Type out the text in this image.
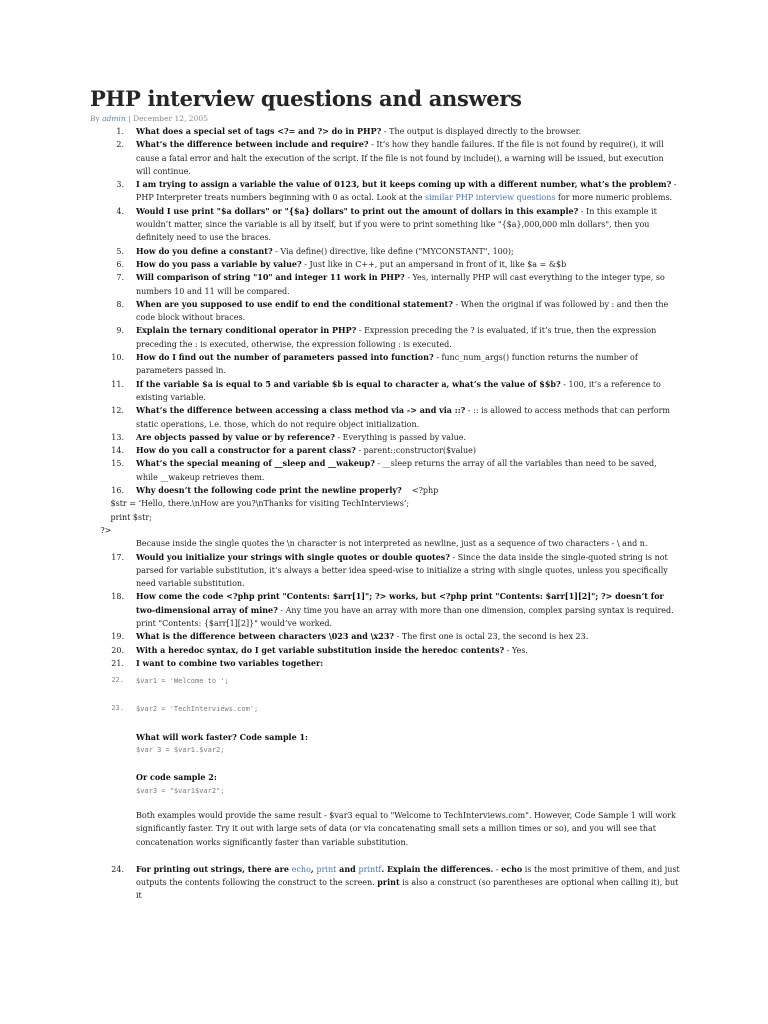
PHP interview questions and answers
By admin | December 12, 2005
1. What does a special set of tags <?= and ?> do in PHP? - The output is displayed directly to the browser.
2. What’s the difference between include and require? - It’s how they handle failures. If the file is not found by require(), it will cause a fatal error and halt the execution of the script. If the file is not found by include(), a warning will be issued, but execution will continue.
3. I am trying to assign a variable the value of 0123, but it keeps coming up with a different number, what’s the problem? - PHP Interpreter treats numbers beginning with 0 as octal. Look at the similar PHP interview questions for more numeric problems.
4. Would I use print "$a dollars" or "{$a} dollars" to print out the amount of dollars in this example? - In this example it wouldn’t matter, since the variable is all by itself, but if you were to print something like "{$a},000,000 mln dollars", then you definitely need to use the braces.
5. How do you define a constant? - Via define() directive, like define ("MYCONSTANT", 100);
6. How do you pass a variable by value? - Just like in C++, put an ampersand in front of it, like $a = &$b
7. Will comparison of string "10" and integer 11 work in PHP? - Yes, internally PHP will cast everything to the integer type, so numbers 10 and 11 will be compared.
8. When are you supposed to use endif to end the conditional statement? - When the original if was followed by : and then the code block without braces.
9. Explain the ternary conditional operator in PHP? - Expression preceding the ? is evaluated, if it’s true, then the expression preceding the : is executed, otherwise, the expression following : is executed.
10. How do I find out the number of parameters passed into function? - func_num_args() function returns the number of parameters passed in.
11. If the variable $a is equal to 5 and variable $b is equal to character a, what’s the value of $$b? - 100, it’s a reference to existing variable.
12. What’s the difference between accessing a class method via -> and via ::? - :: is allowed to access methods that can perform static operations, i.e. those, which do not require object initialization.
13. Are objects passed by value or by reference? - Everything is passed by value.
14. How do you call a constructor for a parent class? - parent::constructor($value)
15. What’s the special meaning of __sleep and __wakeup? - __sleep returns the array of all the variables than need to be saved, while __wakeup retrieves them.
16. Why doesn’t the following code print the newline properly?    <?php
$str = ‘Hello, there.\nHow are you?\nThanks for visiting TechInterviews’;
print $str;
?>
Because inside the single quotes the \n character is not interpreted as newline, just as a sequence of two characters - \ and n.
17. Would you initialize your strings with single quotes or double quotes? - Since the data inside the single-quoted string is not parsed for variable substitution, it’s always a better idea speed-wise to initialize a string with single quotes, unless you specifically need variable substitution.
18. How come the code <?php print "Contents: $arr[1]"; ?> works, but <?php print "Contents: $arr[1][2]"; ?> doesn’t for two-dimensional array of mine? - Any time you have an array with more than one dimension, complex parsing syntax is required. print "Contents: {$arr[1][2]}" would’ve worked.
19. What is the difference between characters \023 and \x23? - The first one is octal 23, the second is hex 23.
20. With a heredoc syntax, do I get variable substitution inside the heredoc contents? - Yes.
21. I want to combine two variables together:
22. $var1 = 'Welcome to ';
23. $var2 = 'TechInterviews.com';
What will work faster? Code sample 1:
$var 3 = $var1.$var2;
Or code sample 2:
$var3 = "$var1$var2";
Both examples would provide the same result - $var3 equal to "Welcome to TechInterviews.com". However, Code Sample 1 will work significantly faster. Try it out with large sets of data (or via concatenating small sets a million times or so), and you will see that concatenation works significantly faster than variable substitution.
24. For printing out strings, there are echo, print and printf. Explain the differences. - echo is the most primitive of them, and just outputs the contents following the construct to the screen. print is also a construct (so parentheses are optional when calling it), but it
